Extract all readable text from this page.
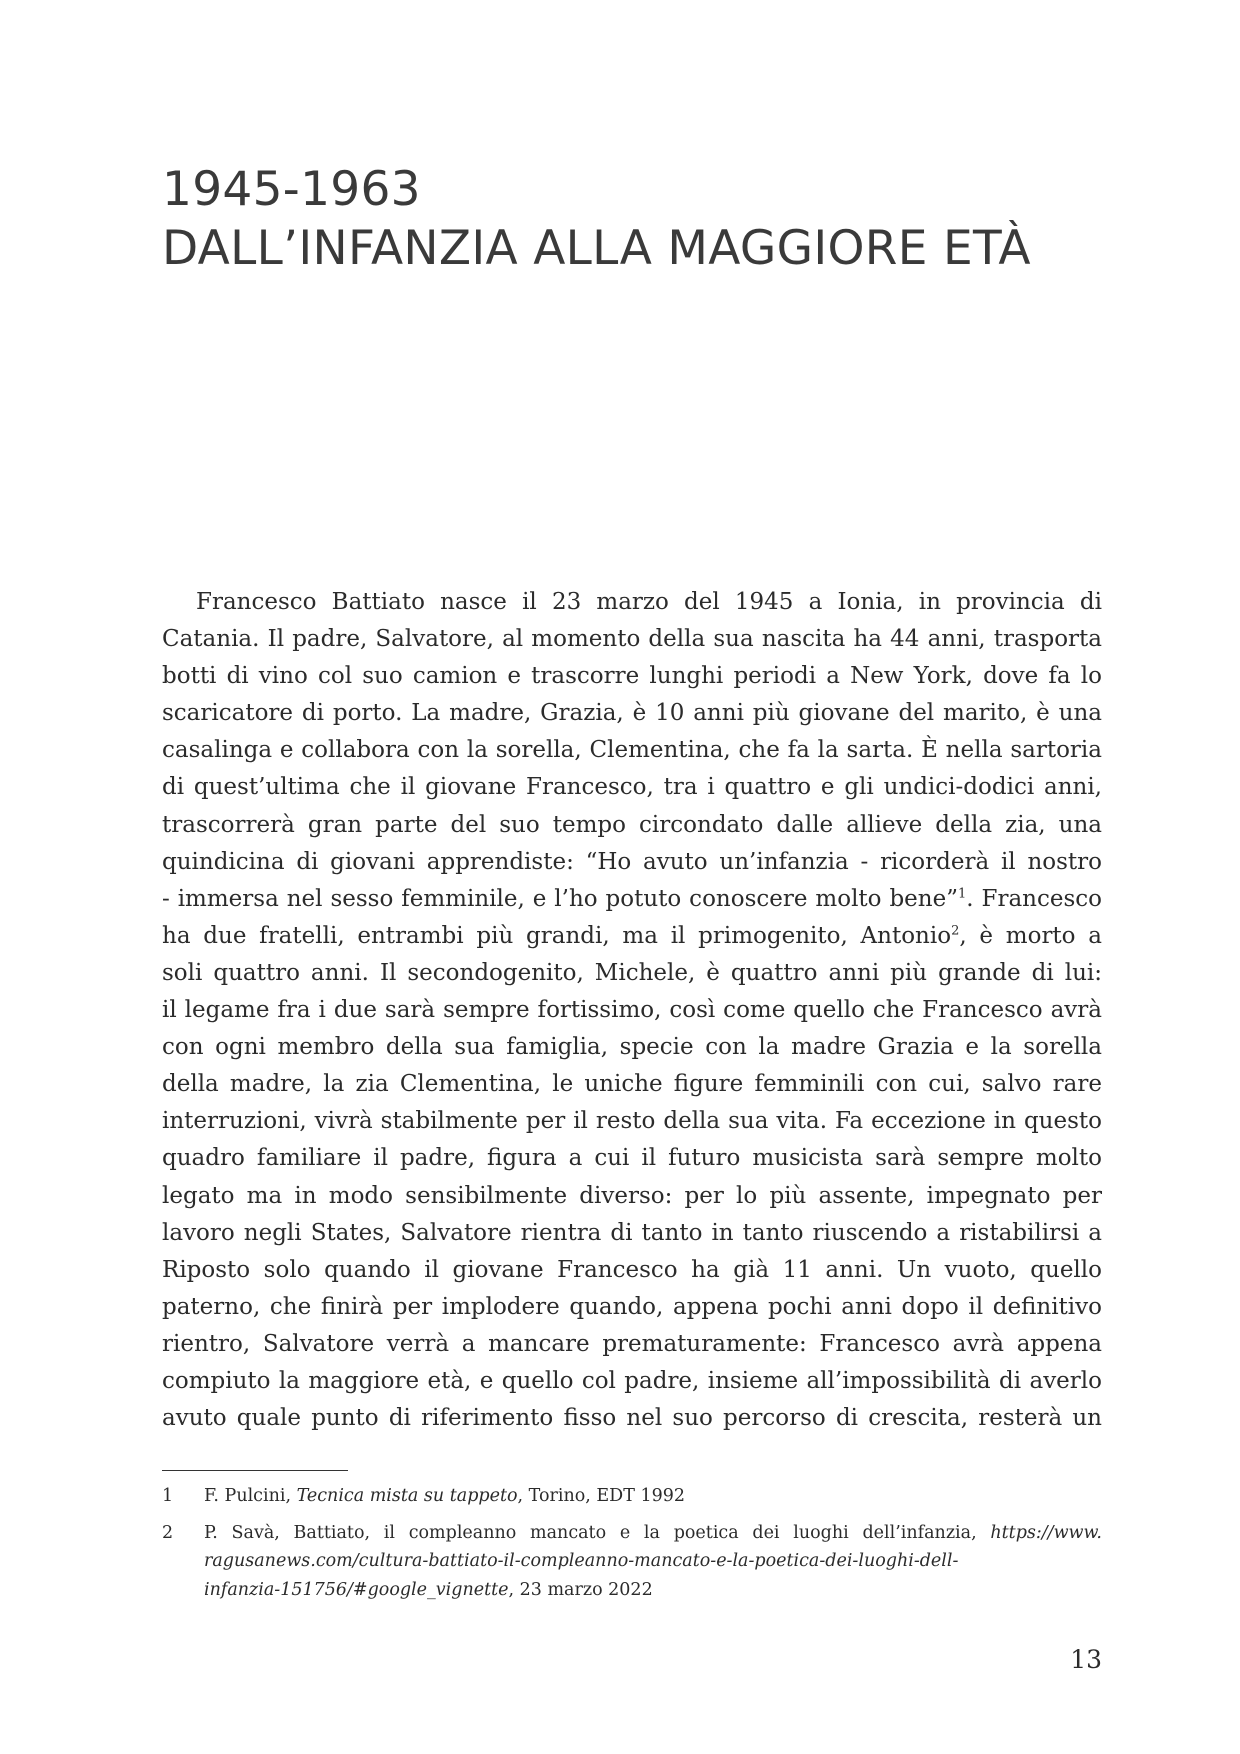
1945-1963
DALL’INFANZIA ALLA MAGGIORE ETÀ
Francesco Battiato nasce il 23 marzo del 1945 a Ionia, in provincia di
Catania. Il padre, Salvatore, al momento della sua nascita ha 44 anni, trasporta
botti di vino col suo camion e trascorre lunghi periodi a New York, dove fa lo
scaricatore di porto. La madre, Grazia, è 10 anni più giovane del marito, è una
casalinga e collabora con la sorella, Clementina, che fa la sarta. È nella sartoria
di quest’ultima che il giovane Francesco, tra i quattro e gli undici-dodici anni,
trascorrerà gran parte del suo tempo circondato dalle allieve della zia, una
quindicina di giovani apprendiste: “Ho avuto un’infanzia - ricorderà il nostro
- immersa nel sesso femminile, e l’ho potuto conoscere molto bene”$^1$. Francesco
ha due fratelli, entrambi più grandi, ma il primogenito, Antonio$^2$, è morto a
soli quattro anni. Il secondogenito, Michele, è quattro anni più grande di lui:
il legame fra i due sarà sempre fortissimo, così come quello che Francesco avrà
con ogni membro della sua famiglia, specie con la madre Grazia e la sorella
della madre, la zia Clementina, le uniche figure femminili con cui, salvo rare
interruzioni, vivrà stabilmente per il resto della sua vita. Fa eccezione in questo
quadro familiare il padre, figura a cui il futuro musicista sarà sempre molto
legato ma in modo sensibilmente diverso: per lo più assente, impegnato per
lavoro negli States, Salvatore rientra di tanto in tanto riuscendo a ristabilirsi a
Riposto solo quando il giovane Francesco ha già 11 anni. Un vuoto, quello
paterno, che finirà per implodere quando, appena pochi anni dopo il definitivo
rientro, Salvatore verrà a mancare prematuramente: Francesco avrà appena
compiuto la maggiore età, e quello col padre, insieme all’impossibilità di averlo
avuto quale punto di riferimento fisso nel suo percorso di crescita, resterà un
1 F. Pulcini, Tecnica mista su tappeto, Torino, EDT 1992
2 P. Savà, Battiato, il compleanno mancato e la poetica dei luoghi dell’infanzia, https://www.
ragusanews.com/cultura-battiato-il-compleanno-mancato-e-la-poetica-dei-luoghi-dell-
infanzia-151756/#google_vignette, 23 marzo 2022
13
